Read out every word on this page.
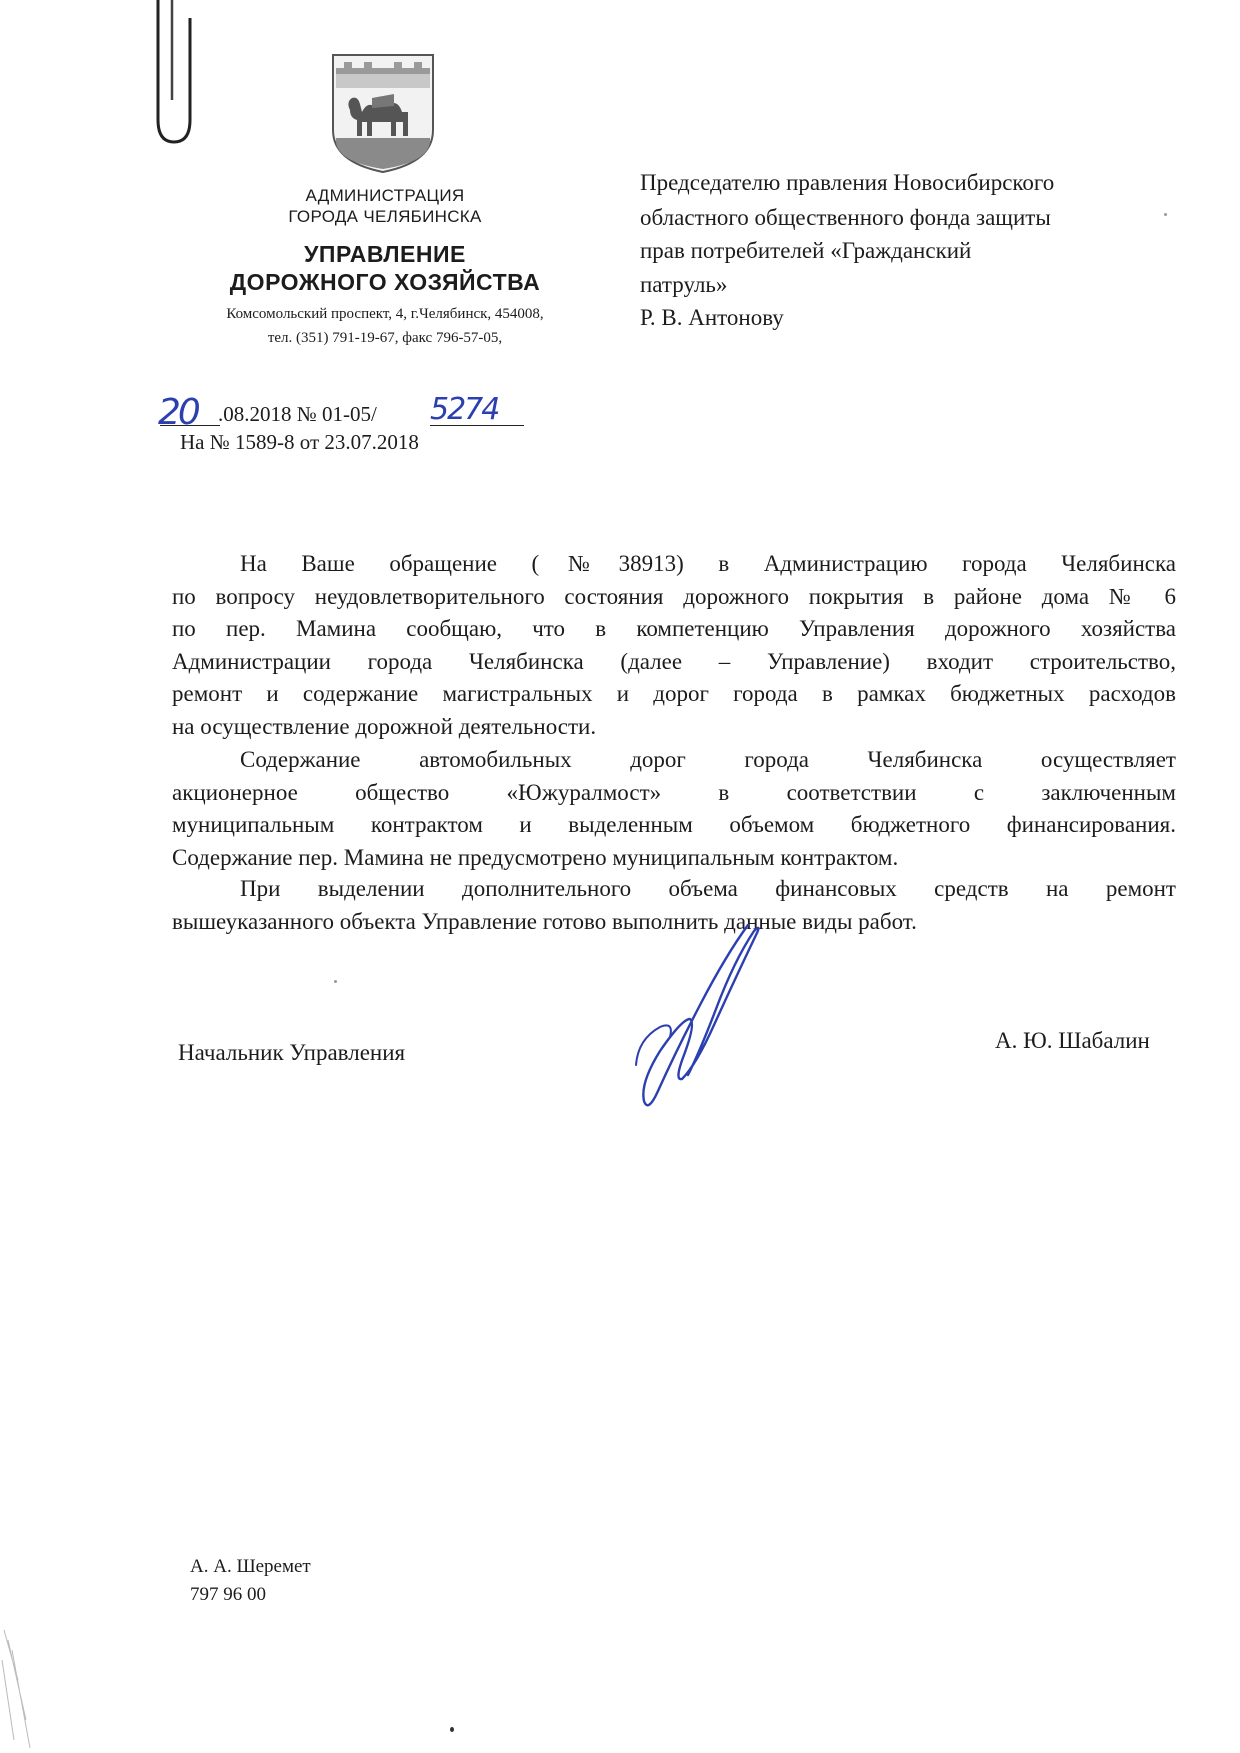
АДМИНИСТРАЦИЯ
ГОРОДА ЧЕЛЯБИНСКА
УПРАВЛЕНИЕ
ДОРОЖНОГО ХОЗЯЙСТВА
Комсомольский проспект, 4, г.Челябинск, 454008,
тел. (351) 791-19-67, факс 796-57-05,
Председателю правления Новосибирского
областного общественного фонда защиты
прав потребителей «Гражданский
патруль»
Р. В. Антонову
20 .08.2018 № 01-05/ 5274
На № 1589-8 от 23.07.2018
На Ваше обращение (№38913) в Администрацию города Челябинска
по вопросу неудовлетворительного состояния дорожного покрытия в районе дома № 6
по пер. Мамина сообщаю, что в компетенцию Управления дорожного хозяйства
Администрации города Челябинска (далее – Управление) входит строительство,
ремонт и содержание магистральных и дорог города в рамках бюджетных расходов
на осуществление дорожной деятельности.
Содержание автомобильных дорог города Челябинска осуществляет
акционерное общество «Южуралмост» в соответствии с заключенным
муниципальным контрактом и выделенным объемом бюджетного финансирования.
Содержание пер. Мамина не предусмотрено муниципальным контрактом.
При выделении дополнительного объема финансовых средств на ремонт
вышеуказанного объекта Управление готово выполнить данные виды работ.
Начальник Управления	А. Ю. Шабалин
А. А. Шеремет
797 96 00
